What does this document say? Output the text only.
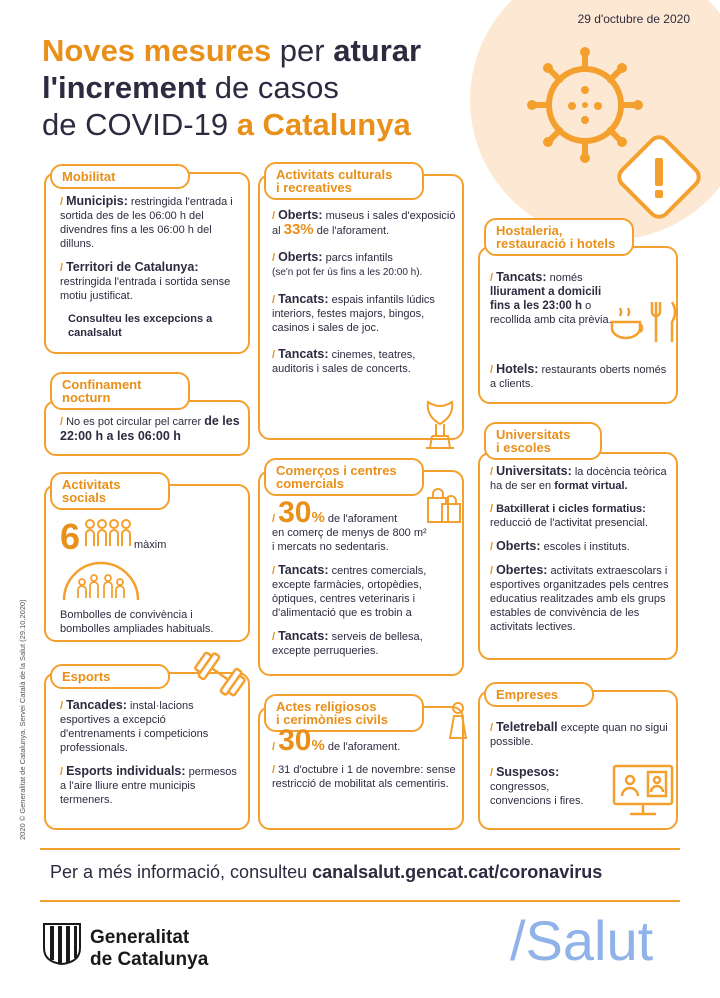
29 d'octubre de 2020
Noves mesures per aturar
l'increment de casos
de COVID-19 a Catalunya
Mobilitat
/ Municipis: restringida l'entrada i sortida des de les 06:00 h del divendres fins a les 06:00 h del dilluns.
/ Territori de Catalunya: restringida l'entrada i sortida sense motiu justificat.
Consulteu les excepcions a canalsalut
Confinament
nocturn
/ No es pot circular pel carrer de les 22:00 h a les 06:00 h
Activitats
socials
6	màxim
Bombolles de convivència i bombolles ampliades habituals.
Esports
/ Tancades: instal·lacions esportives a excepció d'entrenaments i competicions professionals.
/ Esports individuals: permesos a l'aire lliure entre municipis termeners.
Activitats culturals
i recreatives
/ Oberts: museus i sales d'exposició al 33% de l'aforament.
/ Oberts: parcs infantils
(se'n pot fer ús fins a les 20:00 h).
/ Tancats: espais infantils lúdics interiors, festes majors, bingos, casinos i sales de joc.
/ Tancats: cinemes, teatres, auditoris i sales de concerts.
Comerços i centres
comercials
/ 30% de l'aforament
en comerç de menys de 800 m²
i mercats no sedentaris.
/ Tancats: centres comercials, excepte farmàcies, ortopèdies, òptiques, centres veterinaris i d'alimentació que es trobin a
/ Tancats: serveis de bellesa, excepte perruqueries.
Actes religiosos
i cerimònies civils
/ 30% de l'aforament.
/ 31 d'octubre i 1 de novembre: sense restricció de mobilitat als cementiris.
Hostaleria,
restauració i hotels
/ Tancats: només
lliurament a domicili fins a les 23:00 h o recollida amb cita prèvia.
/ Hotels: restaurants oberts només a clients.
Universitats
i escoles
/ Universitats: la docència teòrica ha de ser en format virtual.
/ Batxillerat i cicles formatius: reducció de l'activitat presencial.
/ Oberts: escoles i instituts.
/ Obertes: activitats extraescolars i esportives organitzades pels centres educatius realitzades amb els grups estables de convivència de les activitats lectives.
Empreses
/ Teletreball excepte quan no sigui possible.
/ Suspesos: congressos, convencions i fires.
Per a més informació, consulteu canalsalut.gencat.cat/coronavirus
2020 © Generalitat de Catalunya. Servei Català de la Salut (29.10.2020)
Generalitat
de Catalunya	/Salut
